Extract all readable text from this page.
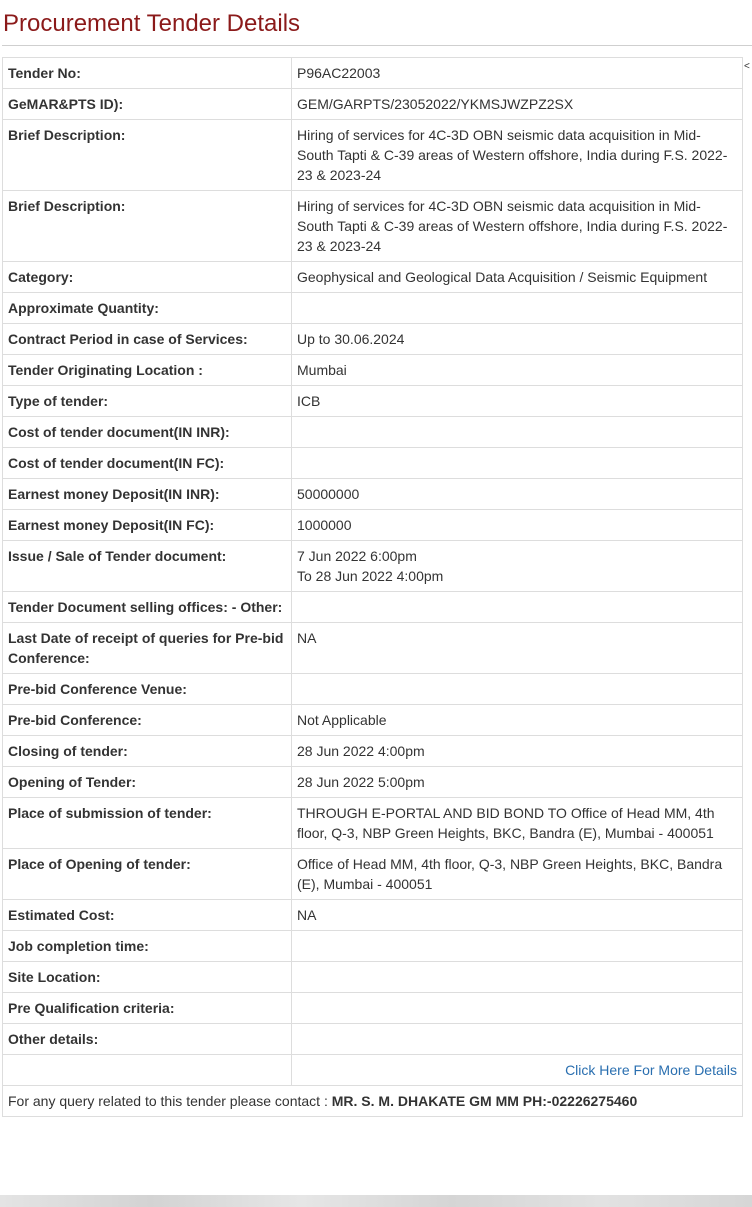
Procurement Tender Details
<
Tender No:	P96AC22003
GeMAR&PTS ID):	GEM/GARPTS/23052022/YKMSJWZPZ2SX
Brief Description:	Hiring of services for 4C-3D OBN seismic data acquisition in Mid-South Tapti & C-39 areas of Western offshore, India during F.S. 2022-23 & 2023-24
Brief Description:	Hiring of services for 4C-3D OBN seismic data acquisition in Mid-South Tapti & C-39 areas of Western offshore, India during F.S. 2022-23 & 2023-24
Category:	Geophysical and Geological Data Acquisition / Seismic Equipment
Approximate Quantity:	
Contract Period in case of Services:	Up to 30.06.2024
Tender Originating Location :	Mumbai
Type of tender:	ICB
Cost of tender document(IN INR):	
Cost of tender document(IN FC):	
Earnest money Deposit(IN INR):	50000000
Earnest money Deposit(IN FC):	1000000
Issue / Sale of Tender document:	7 Jun 2022 6:00pm
To 28 Jun 2022 4:00pm

Tender Document selling offices: - Other:	
Last Date of receipt of queries for Pre-bid Conference:	NA
Pre-bid Conference Venue:	
Pre-bid Conference:	Not Applicable
Closing of tender:	28 Jun 2022 4:00pm
Opening of Tender:	28 Jun 2022 5:00pm
Place of submission of tender:	THROUGH E-PORTAL AND BID BOND TO Office of Head MM, 4th floor, Q-3, NBP Green Heights, BKC, Bandra (E), Mumbai - 400051
Place of Opening of tender:	Office of Head MM, 4th floor, Q-3, NBP Green Heights, BKC, Bandra (E), Mumbai - 400051
Estimated Cost:	NA
Job completion time:	
Site Location:	
Pre Qualification criteria:	
Other details:	
	Click Here For More Details
For any query related to this tender please contact : MR. S. M. DHAKATE GM MM PH:-02226275460	
